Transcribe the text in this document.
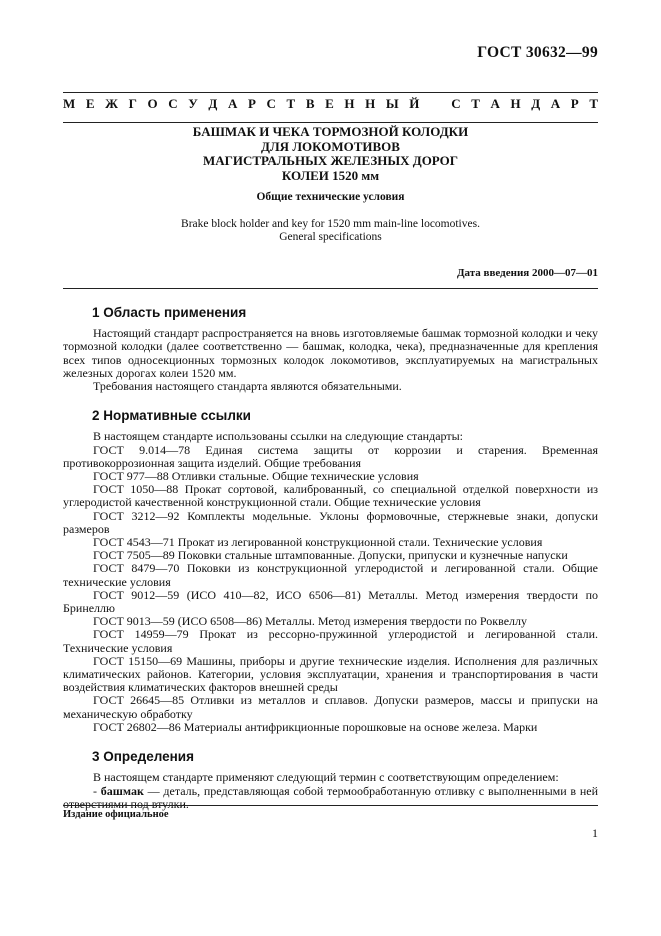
ГОСТ 30632—99
М Е Ж Г О С У Д А Р С Т В Е Н Н Ы Й С Т А Н Д А Р Т
БАШМАК И ЧЕКА ТОРМОЗНОЙ КОЛОДКИ
ДЛЯ ЛОКОМОТИВОВ
МАГИСТРАЛЬНЫХ ЖЕЛЕЗНЫХ ДОРОГ
КОЛЕИ 1520 мм
Общие технические условия
Brake block holder and key for 1520 mm main-line locomotives.
General specifications
Дата введения 2000—07—01
1 Область применения

Настоящий стандарт распространяется на вновь изготовляемые башмак тормозной колодки и чеку тормозной колодки (далее соответственно — башмак, колодка, чека), предназначенные для крепления всех типов односекционных тормозных колодок локомотивов, эксплуатируемых на магистральных железных дорогах колеи 1520 мм.

Требования настоящего стандарта являются обязательными.

2 Нормативные ссылки

В настоящем стандарте использованы ссылки на следующие стандарты:

ГОСТ 9.014—78 Единая система защиты от коррозии и старения. Временная противокоррозионная защита изделий. Общие требования

ГОСТ 977—88 Отливки стальные. Общие технические условия

ГОСТ 1050—88 Прокат сортовой, калиброванный, со специальной отделкой поверхности из углеродистой качественной конструкционной стали. Общие технические условия

ГОСТ 3212—92 Комплекты модельные. Уклоны формовочные, стержневые знаки, допуски размеров

ГОСТ 4543—71 Прокат из легированной конструкционной стали. Технические условия

ГОСТ 7505—89 Поковки стальные штампованные. Допуски, припуски и кузнечные напуски

ГОСТ 8479—70 Поковки из конструкционной углеродистой и легированной стали. Общие технические условия

ГОСТ 9012—59 (ИСО 410—82, ИСО 6506—81) Металлы. Метод измерения твердости по Бринеллю

ГОСТ 9013—59 (ИСО 6508—86) Металлы. Метод измерения твердости по Роквеллу

ГОСТ 14959—79 Прокат из рессорно-пружинной углеродистой и легированной стали. Технические условия

ГОСТ 15150—69 Машины, приборы и другие технические изделия. Исполнения для различных климатических районов. Категории, условия эксплуатации, хранения и транспортирования в части воздействия климатических факторов внешней среды

ГОСТ 26645—85 Отливки из металлов и сплавов. Допуски размеров, массы и припуски на механическую обработку

ГОСТ 26802—86 Материалы антифрикционные порошковые на основе железа. Марки

3 Определения

В настоящем стандарте применяют следующий термин с соответствующим определением:

- башмак — деталь, представляющая собой термообработанную отливку с выполненными в ней отверстиями под втулки.

Издание официальное
1
